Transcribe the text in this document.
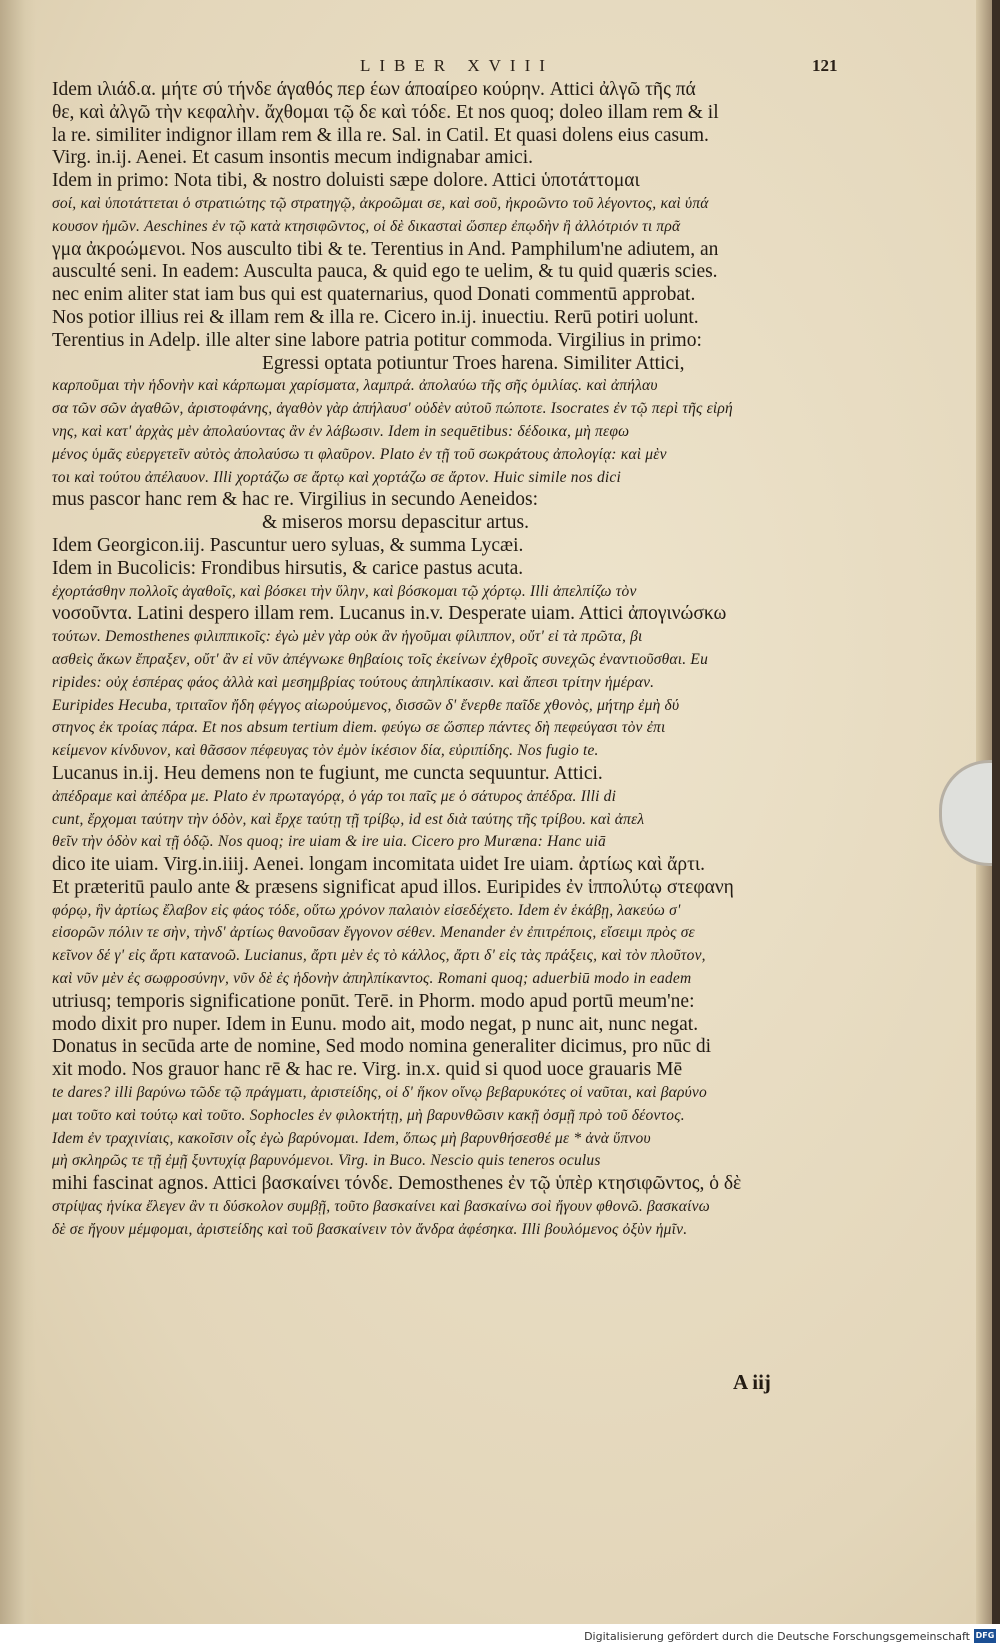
LIBER XVIII	121
Idem ιλιάδ.α. μήτε σύ τήνδε άγαθός περ έων άποαίρεο κούρην. Attici ἀλγῶ τῆς πά
θε, καὶ ἀλγῶ τὴν κεφαλὴν. ἄχθομαι τῷ δε καὶ τόδε. Et nos quoq; doleo illam rem & il
la re. similiter indignor illam rem & illa re. Sal. in Catil. Et quasi dolens eius casum.
Virg. in.ij. Aenei. Et casum insontis mecum indignabar amici.
Idem in primo: Nota tibi, & nostro doluisti sæpe dolore. Attici ὑποτάττομαι
σοί, καὶ ὑποτάττεται ὁ στρατιώτης τῷ στρατηγῷ, ἀκροῶμαι σε, καὶ σοῦ, ἠκροῶντο τοῦ λέγοντος, καὶ ὑπά
κουσον ἡμῶν. Aeschines ἐν τῷ κατὰ κτησιφῶντος, οἱ δὲ δικασταὶ ὥσπερ ἐπῳδὴν ἢ ἀλλότριόν τι πρᾶ
γμα ἀκροώμενοι. Nos ausculto tibi & te. Terentius in And. Pamphilum'ne adiutem, an
ausculté seni. In eadem: Ausculta pauca, & quid ego te uelim, & tu quid quæris scies.
nec enim aliter stat iam bus qui est quaternarius, quod Donati commentū approbat.
Nos potior illius rei & illam rem & illa re. Cicero in.ij. inuectiu. Rerū potiri uolunt.
Terentius in Adelp. ille alter sine labore patria potitur commoda. Virgilius in primo:
Egressi optata potiuntur Troes harena. Similiter Attici,
καρποῦμαι τὴν ἡδονὴν καὶ κάρπωμαι χαρίσματα, λαμπρά. ἀπολαύω τῆς σῆς ὁμιλίας. καὶ ἀπήλαυ
σα τῶν σῶν ἀγαθῶν, ἀριστοφάνης, ἀγαθὸν γὰρ ἀπήλαυσ' οὐδὲν αὐτοῦ πώποτε. Isocrates ἐν τῷ περὶ τῆς εἰρή
νης, καὶ κατ' ἀρχὰς μὲν ἀπολαύοντας ἂν ἐν λάβωσιν. Idem in sequētibus: δέδοικα, μὴ πεφω
μένος ὑμᾶς εὐεργετεῖν αὐτὸς ἀπολαύσω τι φλαῦρον. Plato ἐν τῇ τοῦ σωκράτους ἀπολογίᾳ: καὶ μὲν
τοι καὶ τούτου ἀπέλαυον. Illi χορτάζω σε ἄρτῳ καὶ χορτάζω σε ἄρτον. Huic simile nos dici
mus pascor hanc rem & hac re. Virgilius in secundo Aeneidos:
& miseros morsu depascitur artus.
Idem Georgicon.iij. Pascuntur uero syluas, & summa Lycæi.
Idem in Bucolicis: Frondibus hirsutis, & carice pastus acuta.
ἐχορτάσθην πολλοῖς ἀγαθοῖς, καὶ βόσκει τὴν ὕλην, καὶ βόσκομαι τῷ χόρτῳ. Illi ἀπελπίζω τὸν
νοσοῦντα. Latini despero illam rem. Lucanus in.v. Desperate uiam. Attici ἀπογινώσκω
τούτων. Demosthenes φιλιππικοῖς: ἐγὼ μὲν γὰρ οὐκ ἂν ἡγοῦμαι φίλιππον, οὔτ' εἰ τὰ πρῶτα, βι
ασθεὶς ἄκων ἔπραξεν, οὔτ' ἂν εἰ νῦν ἀπέγνωκε θηβαίοις τοῖς ἐκείνων ἐχθροῖς συνεχῶς ἐναντιοῦσθαι. Eu
ripides: οὐχ ἑσπέρας φάος ἀλλὰ καὶ μεσημβρίας τούτους ἀπηλπίκασιν. καὶ ἄπεσι τρίτην ἡμέραν.
Euripides Hecuba, τριταῖον ἤδη φέγγος αἰωρούμενος, δισσῶν δ' ἔνερθε παῖδε χθονὸς, μήτηρ ἐμὴ δύ
στηνος ἐκ τροίας πάρα. Et nos absum tertium diem. φεύγω σε ὥσπερ πάντες δὴ πεφεύγασι τὸν ἐπι
κείμενον κίνδυνον, καὶ θᾶσσον πέφευγας τὸν ἐμὸν ἱκέσιον δία, εὐριπίδης. Nos fugio te.
Lucanus in.ij. Heu demens non te fugiunt, me cuncta sequuntur. Attici.
ἀπέδραμε καὶ ἀπέδρα με. Plato ἐν πρωταγόρᾳ, ὁ γάρ τοι παῖς με ὁ σάτυρος ἀπέδρα. Illi di
cunt, ἔρχομαι ταύτην τὴν ὁδὸν, καὶ ἔρχε ταύτῃ τῇ τρίβῳ, id est διὰ ταύτης τῆς τρίβου. καὶ ἀπελ
θεῖν τὴν ὁδὸν καὶ τῇ ὁδῷ. Nos quoq; ire uiam & ire uia. Cicero pro Muræna: Hanc uiā
dico ite uiam. Virg.in.iiij. Aenei. longam incomitata uidet Ire uiam. ἀρτίως καὶ ἄρτι.
Et præteritū paulo ante & præsens significat apud illos. Euripides ἐν ἱππολύτῳ στεφανη
φόρῳ, ἣν ἀρτίως ἔλαβον εἰς φάος τόδε, οὕτω χρόνον παλαιὸν εἰσεδέχετο. Idem ἐν ἑκάβῃ, λακεύω σ'
εἰσορῶν πόλιν τε σὴν, τὴνδ' ἀρτίως θανοῦσαν ἔγγονον σέθεν. Menander ἐν ἐπιτρέποις, εἴσειμι πρὸς σε
κεῖνον δέ γ' εἰς ἄρτι κατανοῶ. Lucianus, ἄρτι μὲν ἐς τὸ κάλλος, ἄρτι δ' εἰς τὰς πράξεις, καὶ τὸν πλοῦτον,
καὶ νῦν μὲν ἐς σωφροσύνην, νῦν δὲ ἐς ἡδονὴν ἀπηλπίκαντος. Romani quoq; aduerbiū modo in eadem
utriusq; temporis significatione ponūt. Terē. in Phorm. modo apud portū meum'ne:
modo dixit pro nuper. Idem in Eunu. modo ait, modo negat, p nunc ait, nunc negat.
Donatus in secūda arte de nomine, Sed modo nomina generaliter dicimus, pro nūc di
xit modo. Nos grauor hanc rē & hac re. Virg. in.x. quid si quod uoce grauaris Mē
te dares? illi βαρύνω τῶδε τῷ πράγματι, ἀριστείδης, οἱ δ' ἥκον οἴνῳ βεβαρυκότες οἱ ναῦται, καὶ βαρύνο
μαι τοῦτο καὶ τούτῳ καὶ τοῦτο. Sophocles ἐν φιλοκτήτῃ, μὴ βαρυνθῶσιν κακῇ ὀσμῇ πρὸ τοῦ δέοντος.
Idem ἐν τραχινίαις, κακοῖσιν οἷς ἐγὼ βαρύνομαι. Idem, ὅπως μὴ βαρυνθήσεσθέ με * ἀνὰ ὕπνου
μὴ σκληρῶς τε τῇ ἐμῇ ξυντυχίᾳ βαρυνόμενοι. Virg. in Buco. Nescio quis teneros oculus
mihi fascinat agnos. Attici βασκαίνει τόνδε. Demosthenes ἐν τῷ ὑπὲρ κτησιφῶντος, ὁ δὲ
στρίψας ἡνίκα ἔλεγεν ἂν τι δύσκολον συμβῇ, τοῦτο βασκαίνει καὶ βασκαίνω σοὶ ἤγουν φθονῶ. βασκαίνω
δὲ σε ἤγουν μέμφομαι, ἀριστείδης καὶ τοῦ βασκαίνειν τὸν ἄνδρα ἀφέσηκα. Illi βουλόμενος ὀξὺν ἡμῖν.
A iij
Digitalisierung gefördert durch die Deutsche Forschungsgemeinschaft DFG
